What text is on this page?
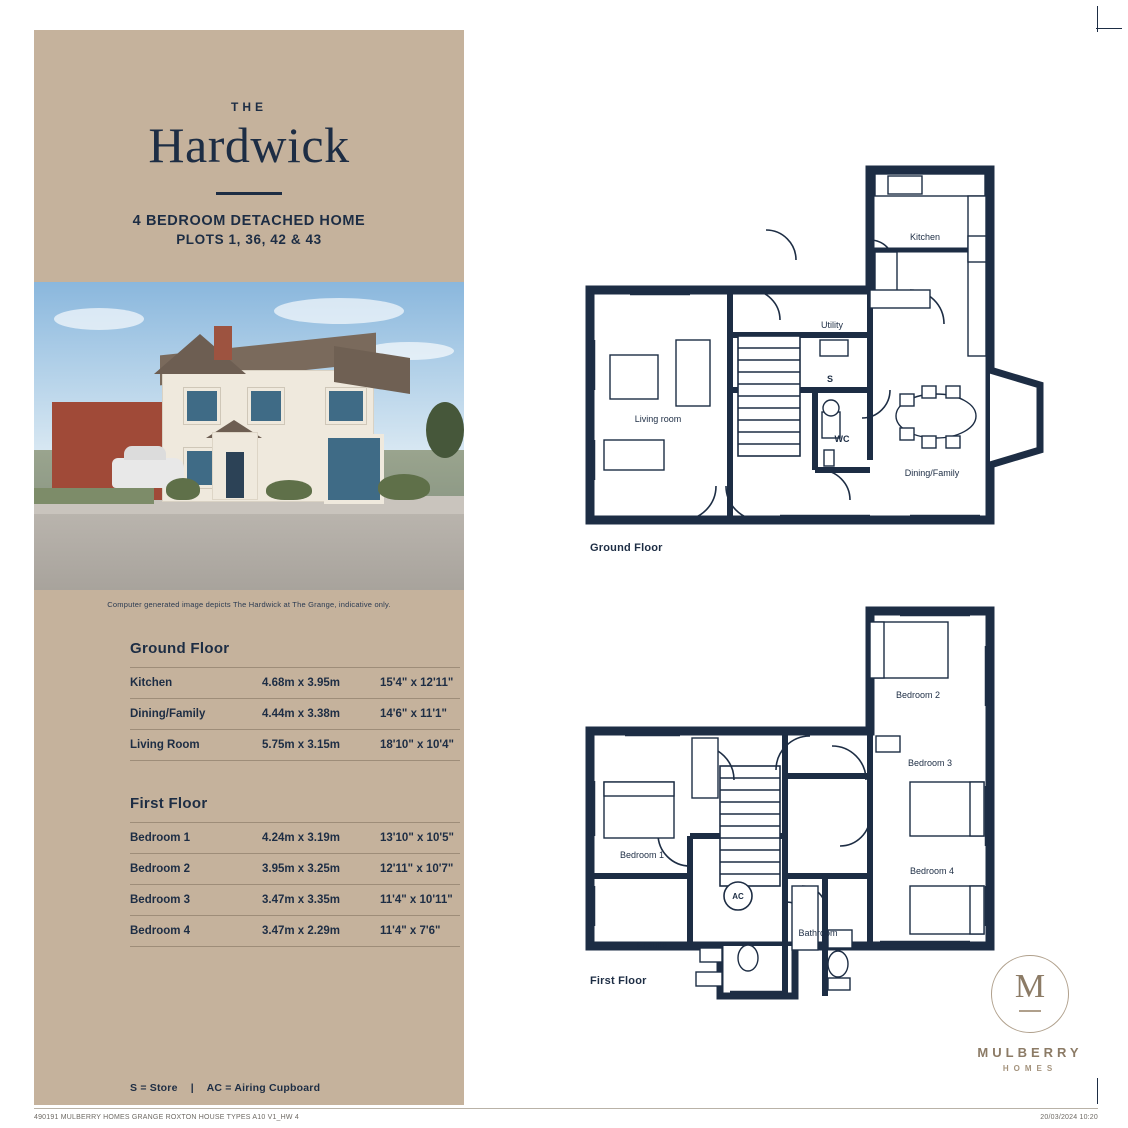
THE
Hardwick
4 BEDROOM DETACHED HOME
PLOTS 1, 36, 42 & 43
Computer generated image depicts The Hardwick at The Grange, indicative only.
Ground Floor
Kitchen	4.68m x 3.95m	15'4" x 12'11"
Dining/Family	4.44m x 3.38m	14'6" x 11'1"
Living Room	5.75m x 3.15m	18'10" x 10'4"
First Floor
Bedroom 1	4.24m x 3.19m	13'10" x 10'5"
Bedroom 2	3.95m x 3.25m	12'11" x 10'7"
Bedroom 3	3.47m x 3.35m	11'4" x 10'11"
Bedroom 4	3.47m x 2.29m	11'4" x 7'6"
S = Store | AC = Airing Cupboard
Kitchen
Utility
S
WC
Living room
Dining/Family
Ground Floor
Bedroom 1
Bedroom 2
Bedroom 3
Bedroom 4
AC
Ensuite
Bathroom
First Floor	M
MULBERRY
HOMES
490191 MULBERRY HOMES GRANGE ROXTON HOUSE TYPES A10 V1_HW 4	20/03/2024 10:20
